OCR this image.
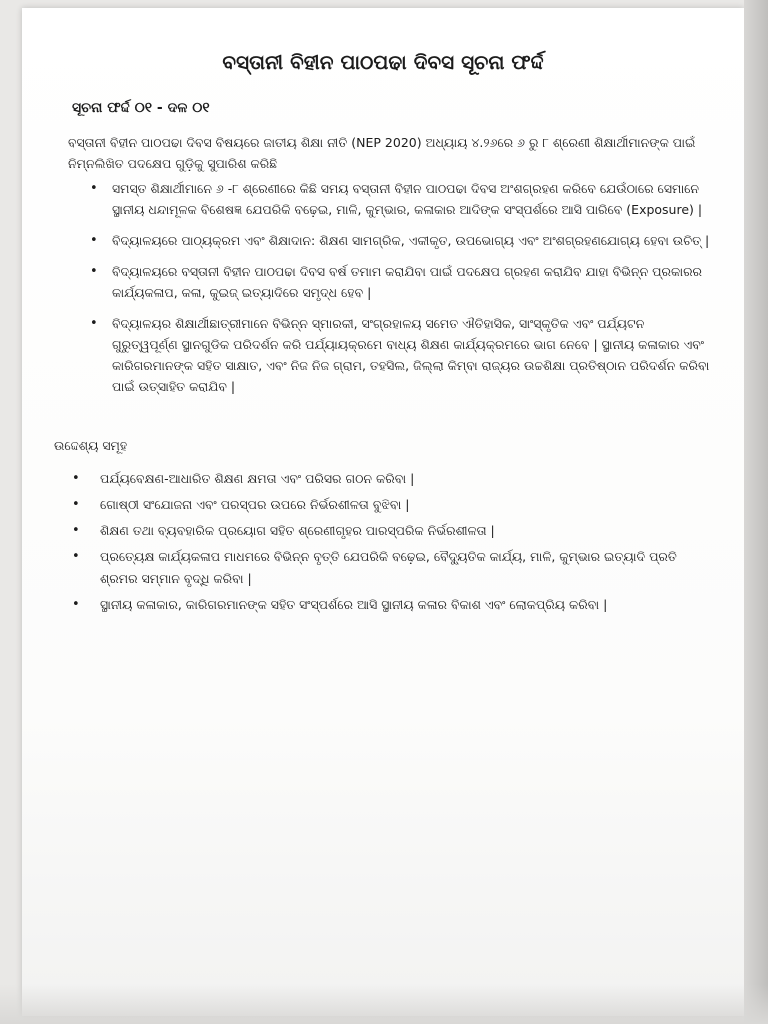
ବସ୍ତାନୀ ବିହୀନ ପାଠପଢା ଦିବସ ସୂଚନା ଫର୍ଦ୍ଦ
ସୂଚନା ଫର୍ଦ୍ଦ ୦୧ - ଦଳ ୦୧
ବସ୍ତାନୀ ବିହୀନ ପାଠପଢା ଦିବସ ବିଷୟରେ ଜାତୀୟ ଶିକ୍ଷା ନୀତି (NEP 2020) ଅଧ୍ୟାୟ ୪.୨୬ରେ ୬ ରୁ ୮ ଶ୍ରେଣୀ ଶିକ୍ଷାର୍ଥୀମାନଙ୍କ ପାଇଁ ନିମ୍ନଲିଖିତ ପଦକ୍ଷେପ ଗୁଡ଼ିକୁ ସୁପାରିଶ କରିଛି
• ସମସ୍ତ ଶିକ୍ଷାର୍ଥୀମାନେ ୬ -୮ ଶ୍ରେଣୀରେ କିଛି ସମୟ ବସ୍ତାନୀ ବିହୀନ ପାଠପଢା ଦିବସ ଅଂଶଗ୍ରହଣ କରିବେ ଯେଉଁଠାରେ ସେମାନେ ସ୍ଥାନୀୟ ଧନ୍ଦାମୂଳକ ବିଶେଷଜ୍ଞ ଯେପରିକି ବଢ଼େଇ, ମାଳି, କୁମ୍ଭାର, କଳାକାର ଆଦିଙ୍କ ସଂସ୍ପର୍ଶରେ ଆସି ପାରିବେ (Exposure) |
• ବିଦ୍ୟାଳୟରେ ପାଠ୍ୟକ୍ରମ ଏବଂ ଶିକ୍ଷାଦାନ: ଶିକ୍ଷଣ ସାମଗ୍ରିକ, ଏକୀକୃତ, ଉପଭୋଗ୍ୟ ଏବଂ ଅଂଶଗ୍ରହଣଯୋଗ୍ୟ ହେବା ଉଚିତ୍ |
• ବିଦ୍ୟାଳୟରେ ବସ୍ତାନୀ ବିହୀନ ପାଠପଢା ଦିବସ ବର୍ଷ ତମାମ କରାଯିବା ପାଇଁ ପଦକ୍ଷେପ ଗ୍ରହଣ କରାଯିବ ଯାହା ବିଭିନ୍ନ ପ୍ରକାରର କାର୍ଯ୍ୟକଳାପ, କଳା, କୁଇଜ୍ ଇତ୍ୟାଦିରେ ସମୃଦ୍ଧ ହେବ |
• ବିଦ୍ୟାଳୟର ଶିକ୍ଷାର୍ଥୀଛାତ୍ରୀମାନେ ବିଭିନ୍ନ ସ୍ମାରକୀ, ସଂଗ୍ରହାଳୟ ସମେତ ଐତିହାସିକ, ସାଂସ୍କୃତିକ ଏବଂ ପର୍ଯ୍ୟଟନ ଗୁରୁତ୍ୱପୂର୍ଣ୍ଣ ସ୍ଥାନଗୁଡିକ ପରିଦର୍ଶନ କରି ପର୍ଯ୍ୟାୟକ୍ରମେ ବାଧ୍ୟ ଶିକ୍ଷଣ କାର୍ଯ୍ୟକ୍ରମରେ ଭାଗ ନେବେ | ସ୍ଥାନୀୟ କଳାକାର ଏବଂ କାରିଗରମାନଙ୍କ ସହିତ ସାକ୍ଷାତ, ଏବଂ ନିଜ ନିଜ ଗ୍ରାମ, ତହସିଲ, ଜିଲ୍ଲା କିମ୍ବା ରାଜ୍ୟର ଉଚ୍ଚଶିକ୍ଷା ପ୍ରତିଷ୍ଠାନ ପରିଦର୍ଶନ କରିବା ପାଇଁ ଉତ୍ସାହିତ କରାଯିବ |
ଉଦ୍ଦେଶ୍ୟ ସମୂହ
• ପର୍ଯ୍ୟବେକ୍ଷଣ-ଆଧାରିତ ଶିକ୍ଷଣ କ୍ଷମତା ଏବଂ ପରିସର ଗଠନ କରିବା |
• ଗୋଷ୍ଠୀ ସଂଯୋଜନା ଏବଂ ପରସ୍ପର ଉପରେ ନିର୍ଭରଶୀଳତା ବୁଝିବା |
• ଶିକ୍ଷଣ ତଥା ବ୍ୟବହାରିକ ପ୍ରୟୋଗ ସହିତ ଶ୍ରେଣୀଗୃହର ପାରସ୍ପରିକ ନିର୍ଭରଶୀଳତା |
• ପ୍ରତ୍ୟେକ୍ଷ କାର୍ଯ୍ୟକଳାପ ମାଧମରେ ବିଭିନ୍ନ ବୃତ୍ତି ଯେପରିକି ବଢ଼େଇ, ବୈଦ୍ୟୁତିକ କାର୍ଯ୍ୟ, ମାଳି, କୁମ୍ଭାର ଇତ୍ୟାଦି ପ୍ରତି ଶ୍ରମର ସମ୍ମାନ ବୃଦ୍ଧି କରିବା |
• ସ୍ଥାନୀୟ କଳାକାର, କାରିଗରମାନଙ୍କ ସହିତ ସଂସ୍ପର୍ଶରେ ଆସି ସ୍ଥାନୀୟ କଳାର ବିକାଶ ଏବଂ ଲୋକପ୍ରିୟ କରିବା |
